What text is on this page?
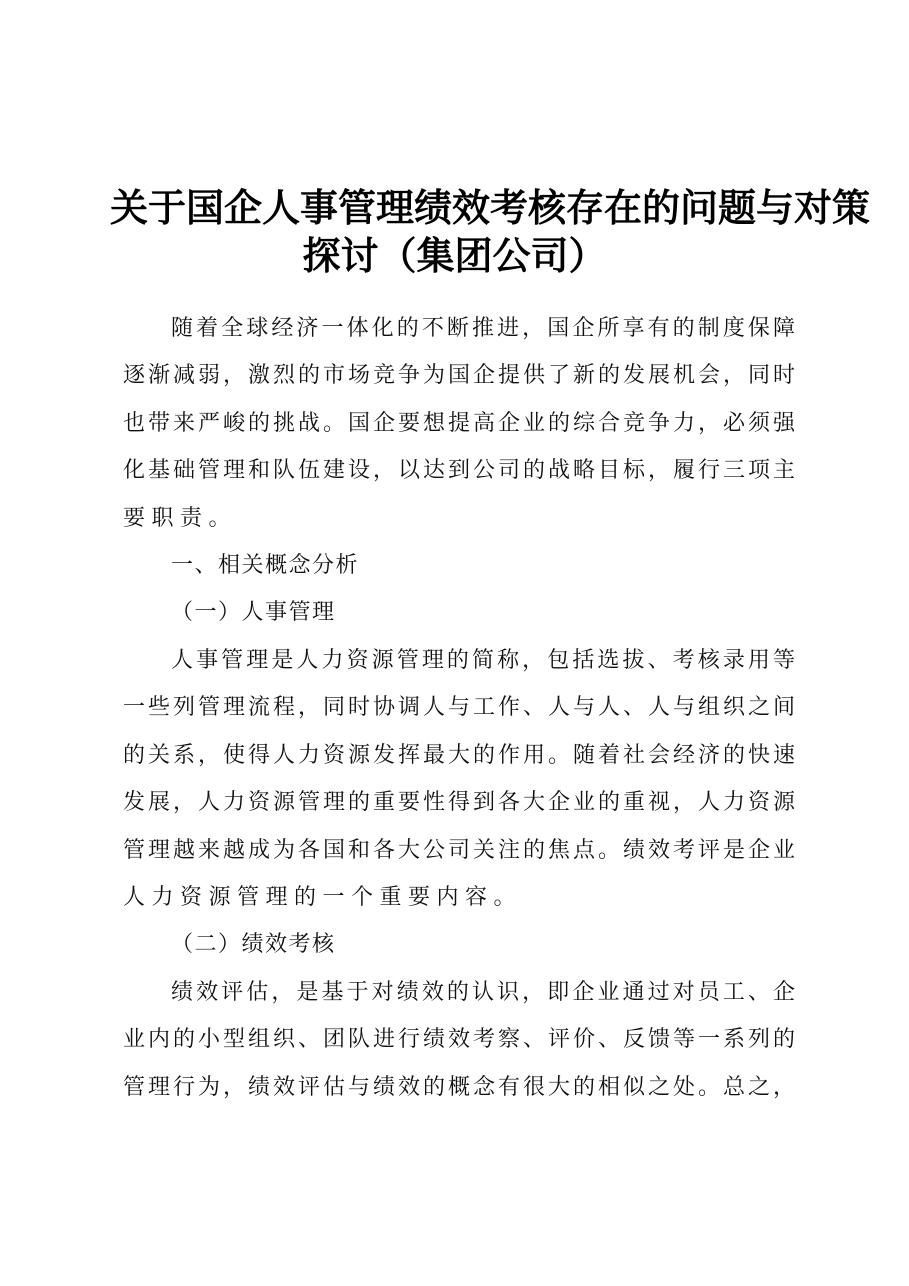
关于国企人事管理绩效考核存在的问题与对策
探讨（集团公司）

随着全球经济一体化的不断推进，国企所享有的制度保障

逐渐减弱，激烈的市场竞争为国企提供了新的发展机会，同时

也带来严峻的挑战。国企要想提高企业的综合竞争力，必须强

化基础管理和队伍建设，以达到公司的战略目标，履行三项主

要职责。

一、相关概念分析

（一）人事管理

人事管理是人力资源管理的简称，包括选拔、考核录用等

一些列管理流程，同时协调人与工作、人与人、人与组织之间

的关系，使得人力资源发挥最大的作用。随着社会经济的快速

发展，人力资源管理的重要性得到各大企业的重视，人力资源

管理越来越成为各国和各大公司关注的焦点。绩效考评是企业

人力资源管理的一个重要内容。

（二）绩效考核

绩效评估，是基于对绩效的认识，即企业通过对员工、企

业内的小型组织、团队进行绩效考察、评价、反馈等一系列的

管理行为，绩效评估与绩效的概念有很大的相似之处。总之，
